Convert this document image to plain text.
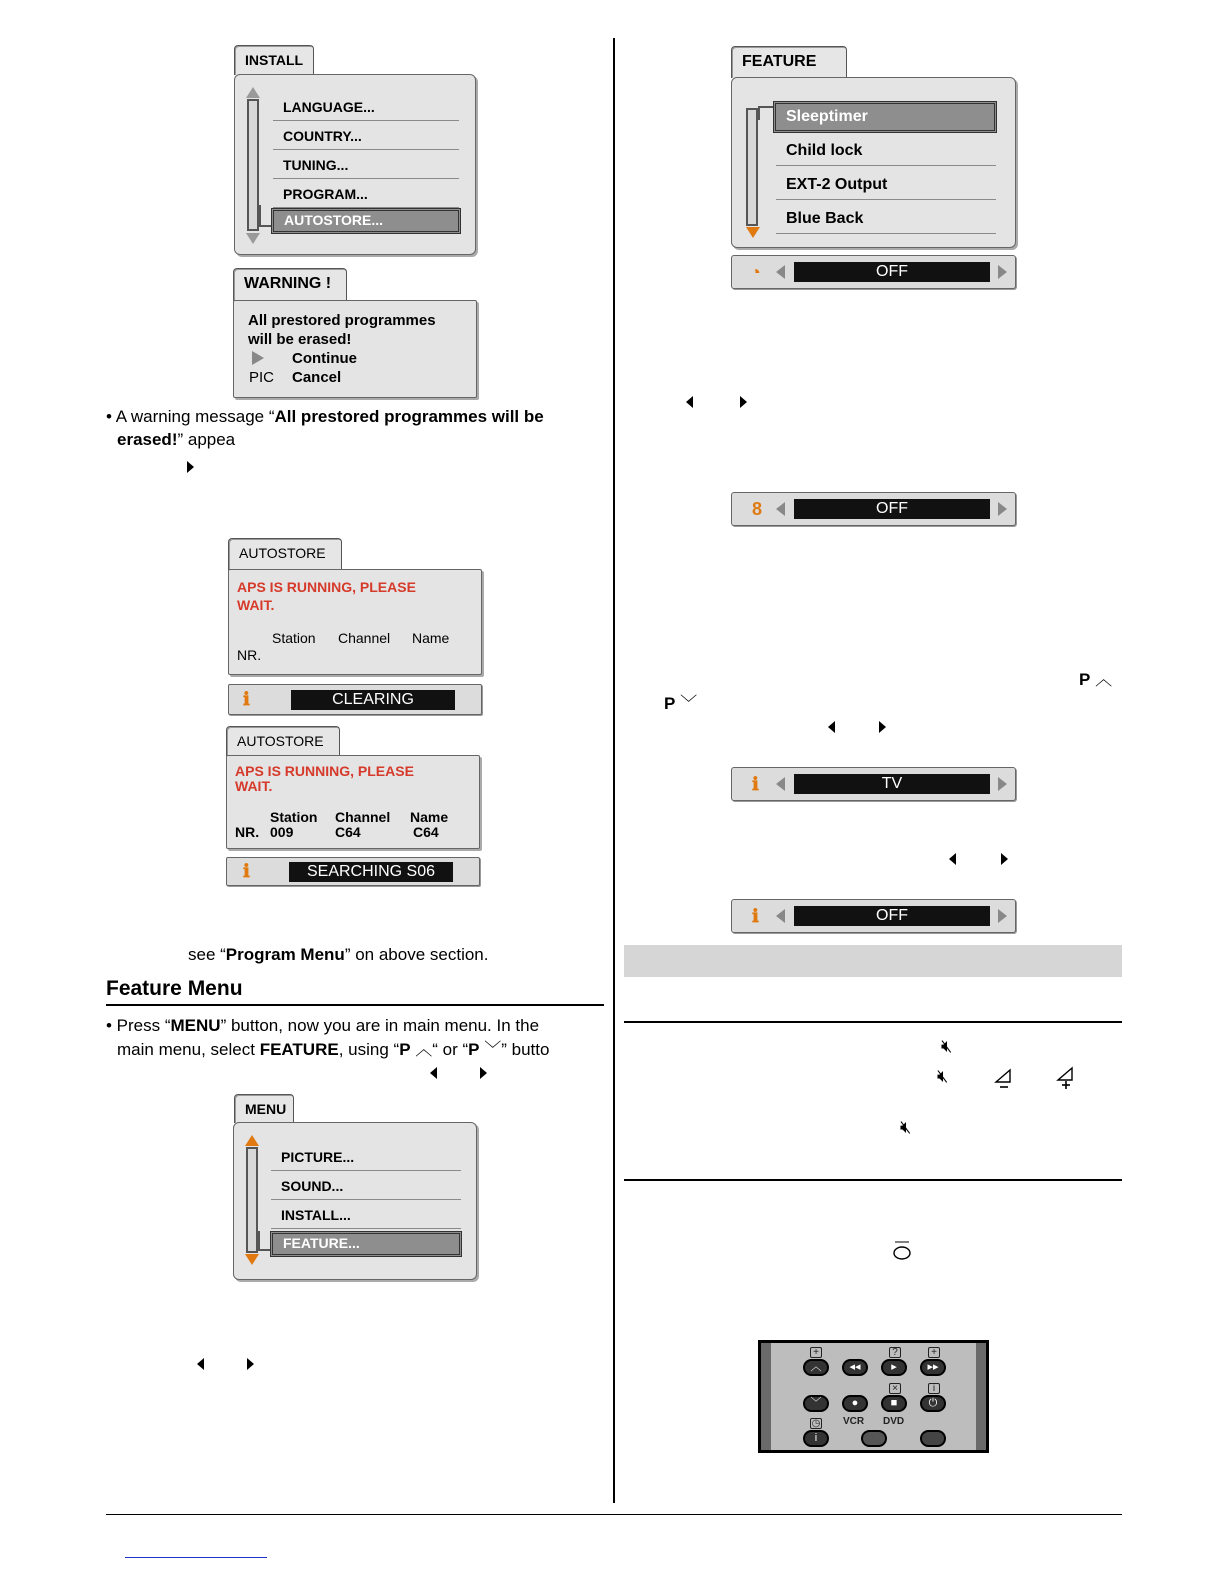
INSTALL
LANGUAGE...
COUNTRY...
TUNING...
PROGRAM...
AUTOSTORE...
WARNING !
All prestored programmes
will be erased!
Continue
PIC Cancel
• A warning message “All prestored programmes will be
erased!” appea
AUTOSTORE
APS IS RUNNING, PLEASE
WAIT.
Station Channel Name
NR.
ℹ	CLEARING
AUTOSTORE
APS IS RUNNING, PLEASE
WAIT.
Station Channel Name
NR. 009	C64	C64
ℹ	SEARCHING S06
see “Program Menu” on above section.
Feature Menu
• Press “MENU” button, now you are in main menu. In the
main menu, select FEATURE, using “P ︿“ or “P ﹀” butto
MENU
PICTURE...
SOUND...
INSTALL...
FEATURE...
FEATURE
Sleeptimer
Child lock
EXT-2 Output
Blue Back
◔	OFF
8	OFF
P ︿
P ﹀
ℹ	TV
ℹ	OFF
🔇︎
🔇︎
🔇︎
+	?	+
︿	◂◂	▸	▸▸
×	i
﹀	●	■	⏻
◷ VCR DVD
i
